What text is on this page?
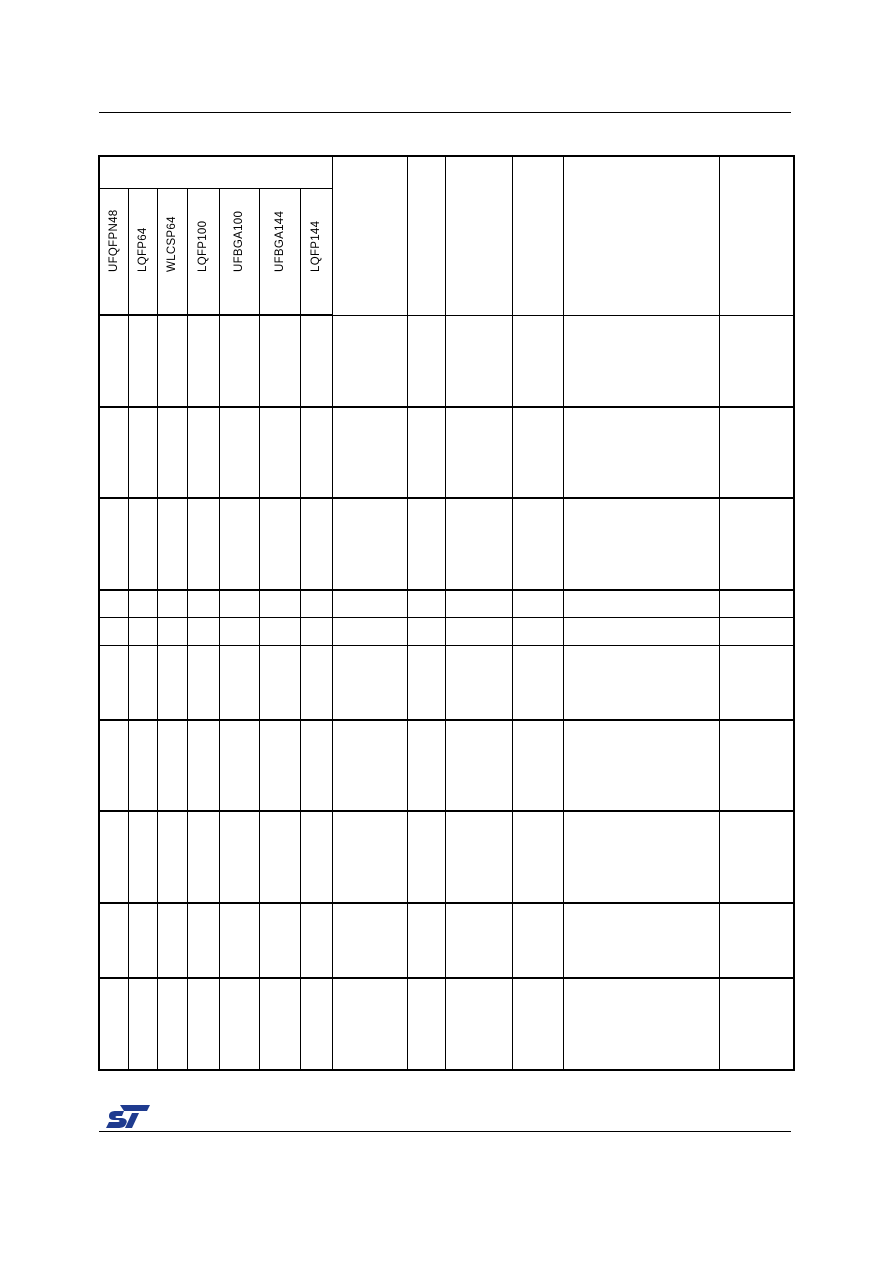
UFQFPN48	LQFP64	WLCSP64	LQFP100	UFBGA100	UFBGA144	LQFP144						
